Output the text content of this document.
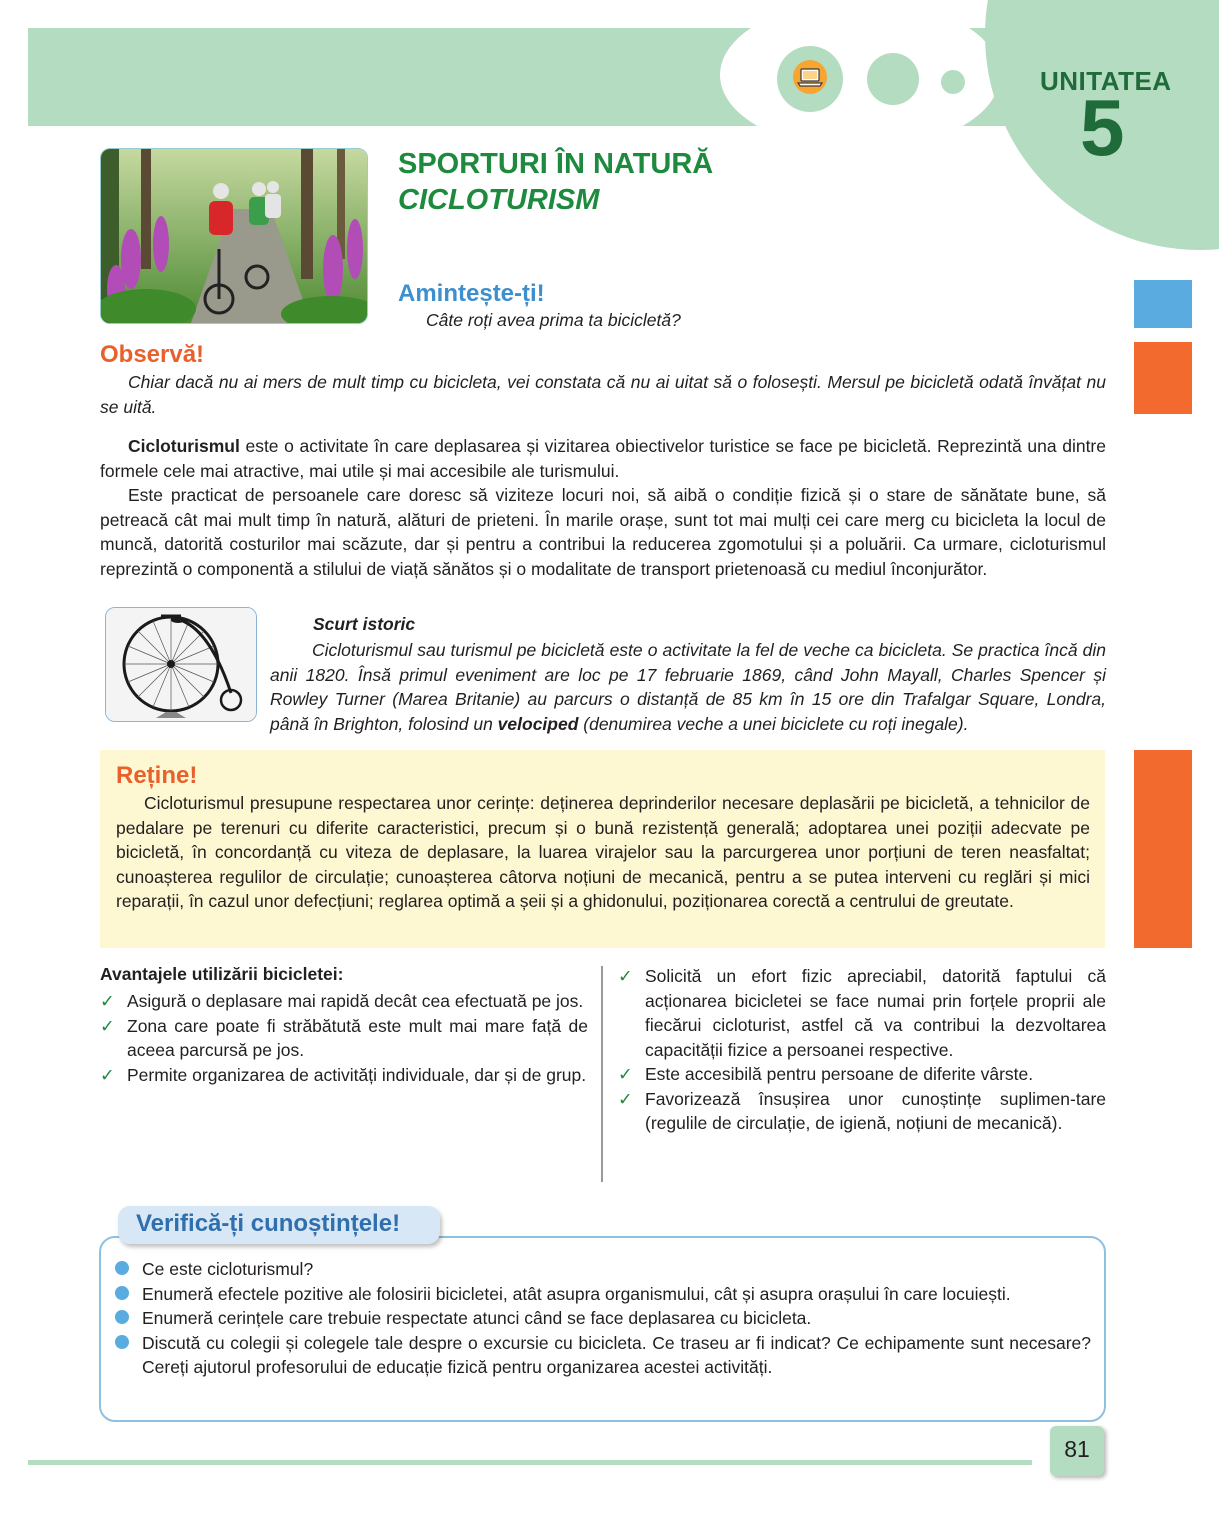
UNITATEA
5
SPORTURI ÎN NATURĂ
CICLOTURISM
Amintește-ți!
Câte roți avea prima ta bicicletă?
Observă!
Chiar dacă nu ai mers de mult timp cu bicicleta, vei constata că nu ai uitat să o folosești. Mersul pe bicicletă odată învățat nu se uită.

Cicloturismul este o activitate în care deplasarea și vizitarea obiectivelor turistice se face pe bicicletă. Reprezintă una dintre formele cele mai atractive, mai utile și mai accesibile ale turismului.

Este practicat de persoanele care doresc să viziteze locuri noi, să aibă o condiție fizică și o stare de sănătate bune, să petreacă cât mai mult timp în natură, alături de prieteni. În marile orașe, sunt tot mai mulți cei care merg cu bicicleta la locul de muncă, datorită costurilor mai scăzute, dar și pentru a contribui la reducerea zgomotului și a poluării. Ca urmare, cicloturismul reprezintă o componentă a stilului de viață sănătos și o modalitate de transport prietenoasă cu mediul înconjurător.

Scurt istoric
Cicloturismul sau turismul pe bicicletă este o activitate la fel de veche ca bicicleta. Se practica încă din anii 1820. Însă primul eveniment are loc pe 17 februarie 1869, când John Mayall, Charles Spencer și Rowley Turner (Marea Britanie) au parcurs o distanță de 85 km în 15 ore din Trafalgar Square, Londra, până în Brighton, folosind un velociped (denumirea veche a unei biciclete cu roți inegale).
Reține!
Cicloturismul presupune respectarea unor cerințe: deținerea deprinderilor necesare deplasării pe bicicletă, a tehnicilor de pedalare pe terenuri cu diferite caracteristici, precum și o bună rezistență generală; adoptarea unei poziții adecvate pe bicicletă, în concordanță cu viteza de deplasare, la luarea virajelor sau la parcurgerea unor porțiuni de teren neasfaltat; cunoașterea regulilor de circulație; cunoașterea câtorva noțiuni de mecanică, pentru a se putea interveni cu reglări și mici reparații, în cazul unor defecțiuni; reglarea optimă a șeii și a ghidonului, poziționarea corectă a centrului de greutate.
Avantajele utilizării bicicletei:
✓ Asigură o deplasare mai rapidă decât cea efectuată pe jos.
✓ Zona care poate fi străbătută este mult mai mare față de aceea parcursă pe jos.
✓ Permite organizarea de activități individuale, dar și de grup.
✓ Solicită un efort fizic apreciabil, datorită faptului că acționarea bicicletei se face numai prin forțele proprii ale fiecărui cicloturist, astfel că va contribui la dezvoltarea capacității fizice a persoanei respective.
✓ Este accesibilă pentru persoane de diferite vârste.
✓ Favorizează însușirea unor cunoștințe suplimen-tare (regulile de circulație, de igienă, noțiuni de mecanică).
Verifică-ți cunoștințele!
Ce este cicloturismul?
Enumeră efectele pozitive ale folosirii bicicletei, atât asupra organismului, cât și asupra orașului în care locuiești.
Enumeră cerințele care trebuie respectate atunci când se face deplasarea cu bicicleta.
Discută cu colegii și colegele tale despre o excursie cu bicicleta. Ce traseu ar fi indicat? Ce echipamente sunt necesare? Cereți ajutorul profesorului de educație fizică pentru organizarea acestei activități.
81
